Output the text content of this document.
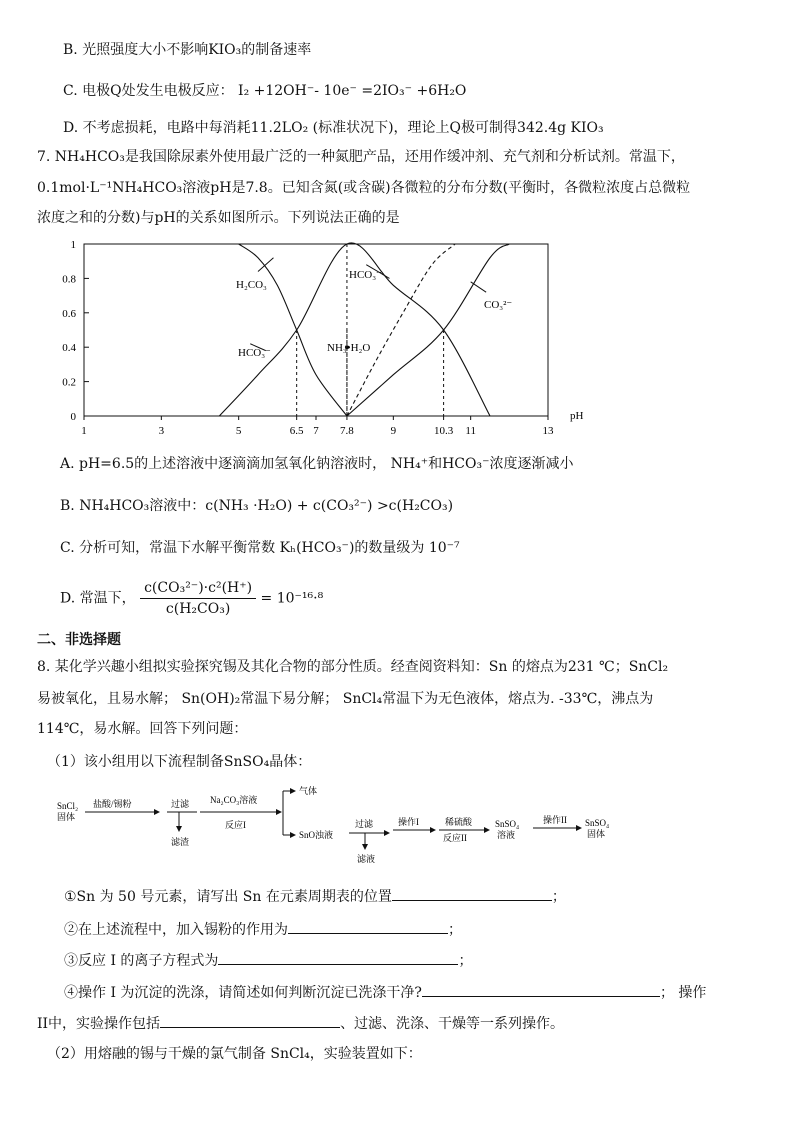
B. 光照强度大小不影响KIO₃的制备速率
C. 电极Q处发生电极反应： I₂ +12OH⁻- 10e⁻ =2IO₃⁻ +6H₂O
D. 不考虑损耗，电路中每消耗11.2LO₂ (标准状况下)，理论上Q极可制得342.4g KIO₃
7. NH₄HCO₃是我国除尿素外使用最广泛的一种氮肥产品，还用作缓冲剂、充气剂和分析试剂。常温下，
0.1mol·L⁻¹NH₄HCO₃溶液pH是7.8。已知含氮(或含碳)各微粒的分布分数(平衡时，各微粒浓度占总微粒
浓度之和的分数)与pH的关系如图所示。下列说法正确的是
0
0.2
0.4
0.6
0.8
1
1	3	5	6.5 7 7.8	9	10.3 11	13
H₂CO₃
HCO₃⁻
HCO₃⁻
CO₃²⁻
NH₃•H₂O
pH
A. pH=6.5的上述溶液中逐滴滴加氢氧化钠溶液时， NH₄⁺和HCO₃⁻浓度逐渐减小
B. NH₄HCO₃溶液中：c(NH₃ ·H₂O) + c(CO₃²⁻) >c(H₂CO₃)
C. 分析可知，常温下水解平衡常数 Kₕ(HCO₃⁻)的数量级为 10⁻⁷
D. 常温下， $\frac{\text{c(CO₃²⁻)·c²(H⁺)}}{\text{c(H₂CO₃)}} = 10^{-16}\cdot^8$
二、非选择题
8. 某化学兴趣小组拟实验探究锡及其化合物的部分性质。经查阅资料知：Sn 的熔点为231 ℃；SnCl₂
易被氧化，且易水解； Sn(OH)₂常温下易分解； SnCl₄常温下为无色液体，熔点为. -33℃，沸点为
114℃，易水解。回答下列问题：
（1）该小组用以下流程制备SnSO₄晶体：
SnCl₂
固体
盐酸/锡粉	过滤
滤渣
Na₂CO₃溶液
反应I
气体
SnO浊液
过滤
滤液
操作I	稀硫酸
反应II
SnSO₄
溶液
操作II SnSO₄
固体
①Sn 为 50 号元素，请写出 Sn 在元素周期表的位置	；
②在上述流程中，加入锡粉的作用为	；
③反应 I 的离子方程式为	；
④操作 I 为沉淀的洗涤，请简述如何判断沉淀已洗涤干净?	； 操作
II中，实验操作包括	、过滤、洗涤、干燥等一系列操作。
（2）用熔融的锡与干燥的氯气制备 SnCl₄，实验装置如下：
